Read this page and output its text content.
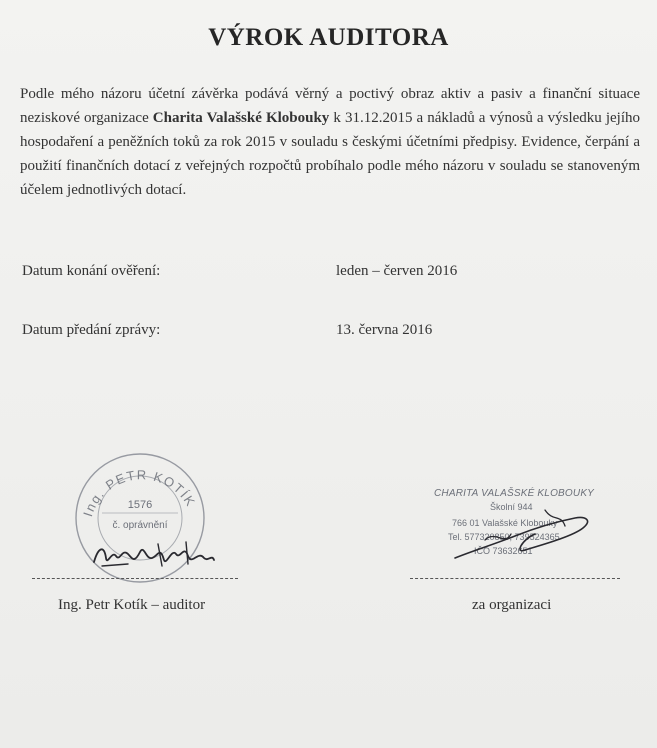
VÝROK AUDITORA
Podle mého názoru účetní závěrka podává věrný a poctivý obraz aktiv a pasiv a finanční situace neziskové organizace Charita Valašské Klobouky k 31.12.2015 a nákladů a výnosů a výsledku jejího hospodaření a peněžních toků za rok 2015 v souladu s českými účetními předpisy. Evidence, čerpání a použití finančních dotací z veřejných rozpočtů probíhalo podle mého názoru v souladu se stanoveným účelem jednotlivých dotací.
Datum konání ověření:	leden – červen 2016
Datum předání zprávy:	13. června 2016
Ing. PETR KOTÍK
1576
č. oprávnění
CHARITA VALAŠSKÉ KLOBOUKY
Školní 944
766 01 Valašské Klobouky
Tel. 577320850, 739524365
IČO 73632651
Ing. Petr Kotík – auditor	za organizaci
